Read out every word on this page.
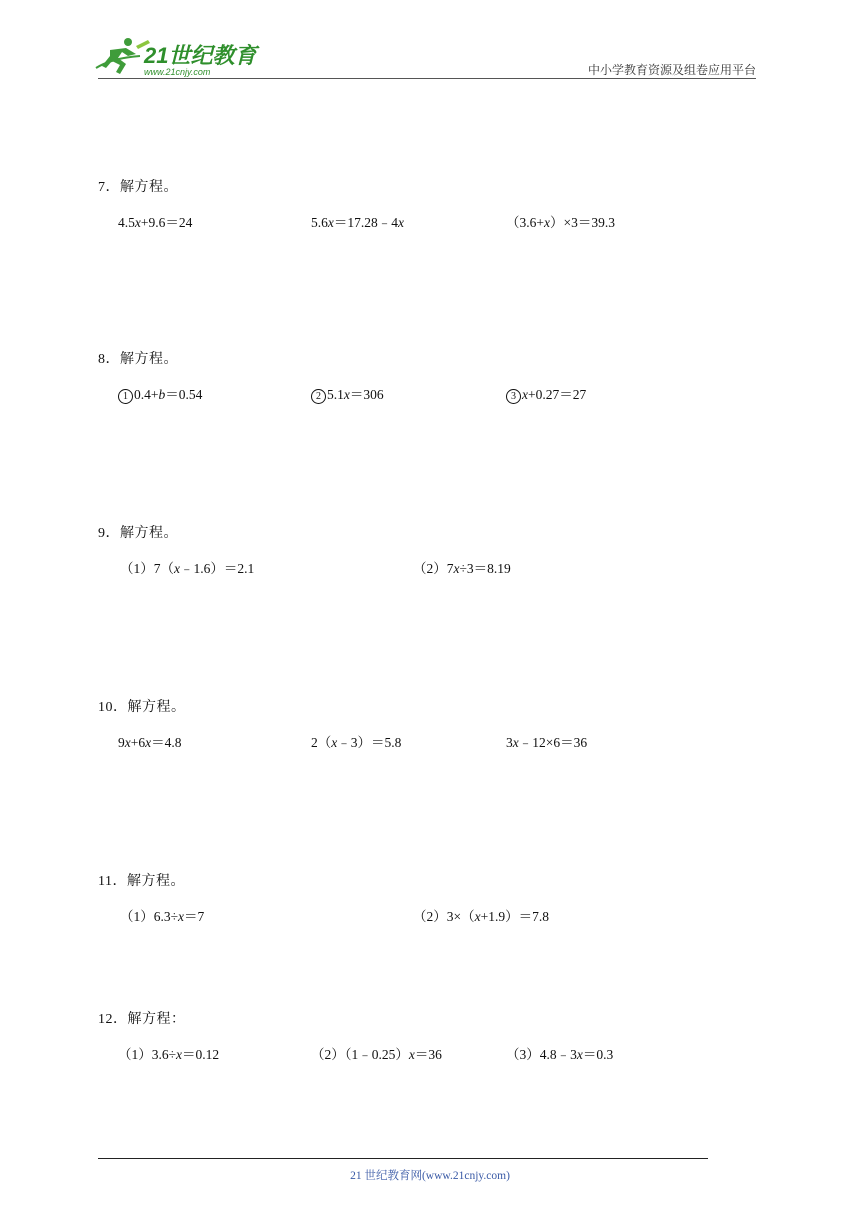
21世纪教育
www.21cnjy.com	中小学教育资源及组卷应用平台
7．解方程。
4.5x+9.6＝24	5.6x＝17.28﹣4x	（3.6+x）×3＝39.3
8．解方程。
1 0.4+b＝0.54	2 5.1x＝306	3 x+0.27＝27
9．解方程。
（1）7（x﹣1.6）＝2.1	（2）7x÷3＝8.19
10．解方程。
9x+6x＝4.8	2（x﹣3）＝5.8	3x﹣12×6＝36
11．解方程。
（1）6.3÷x＝7	（2）3×（x+1.9）＝7.8
12．解方程：
（1）3.6÷x＝0.12	（2）（1﹣0.25）x＝36	（3）4.8﹣3x＝0.3
21 世纪教育网(www.21cnjy.com)
